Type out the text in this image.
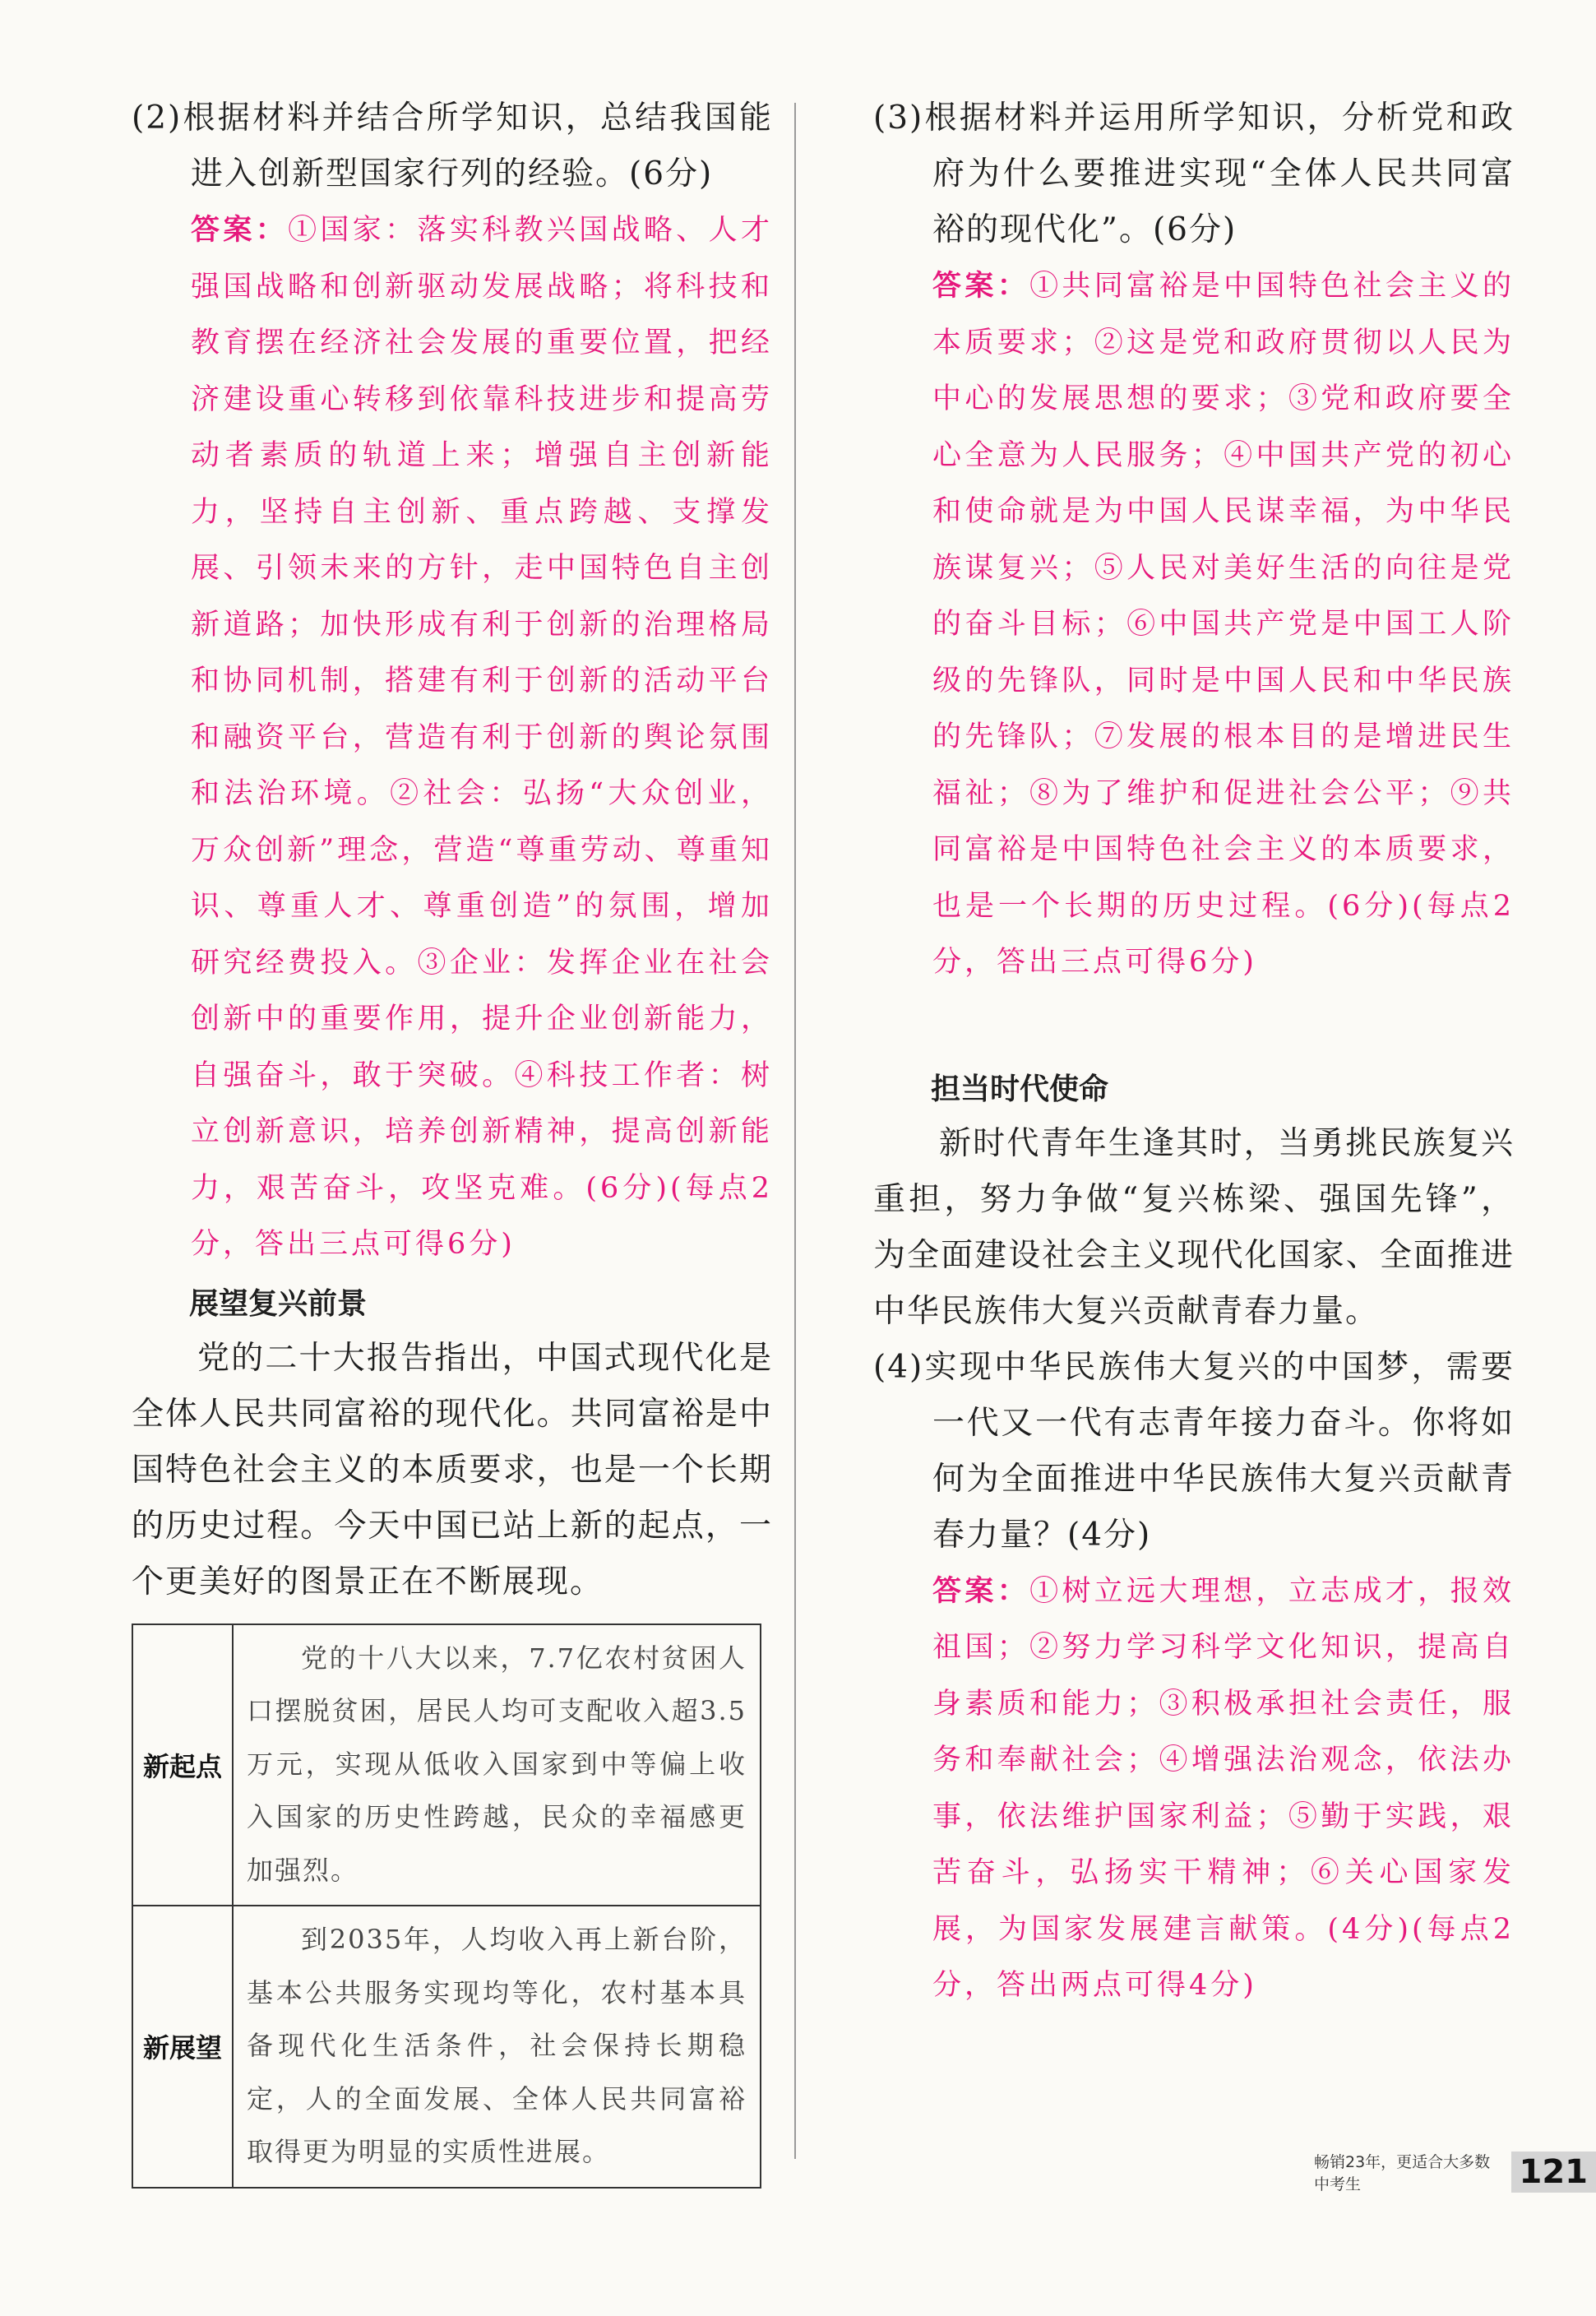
(2)根据材料并结合所学知识，总结我国能进入创新型国家行列的经验。(6分)
答案：①国家：落实科教兴国战略、人才强国战略和创新驱动发展战略；将科技和教育摆在经济社会发展的重要位置，把经济建设重心转移到依靠科技进步和提高劳动者素质的轨道上来；增强自主创新能力，坚持自主创新、重点跨越、支撑发展、引领未来的方针，走中国特色自主创新道路；加快形成有利于创新的治理格局和协同机制，搭建有利于创新的活动平台和融资平台，营造有利于创新的舆论氛围和法治环境。②社会：弘扬“大众创业，万众创新”理念，营造“尊重劳动、尊重知识、尊重人才、尊重创造”的氛围，增加研究经费投入。③企业：发挥企业在社会创新中的重要作用，提升企业创新能力，自强奋斗，敢于突破。④科技工作者：树立创新意识，培养创新精神，提高创新能力，艰苦奋斗，攻坚克难。(6分)(每点2分，答出三点可得6分)
展望复兴前景
党的二十大报告指出，中国式现代化是全体人民共同富裕的现代化。共同富裕是中国特色社会主义的本质要求，也是一个长期的历史过程。今天中国已站上新的起点，一个更美好的图景正在不断展现。
新起点	党的十八大以来，7.7亿农村贫困人口摆脱贫困，居民人均可支配收入超3.5万元，实现从低收入国家到中等偏上收入国家的历史性跨越，民众的幸福感更加强烈。
新展望	到2035年，人均收入再上新台阶，基本公共服务实现均等化，农村基本具备现代化生活条件，社会保持长期稳定，人的全面发展、全体人民共同富裕取得更为明显的实质性进展。
(3)根据材料并运用所学知识，分析党和政府为什么要推进实现“全体人民共同富裕的现代化”。(6分)
答案：①共同富裕是中国特色社会主义的本质要求；②这是党和政府贯彻以人民为中心的发展思想的要求；③党和政府要全心全意为人民服务；④中国共产党的初心和使命就是为中国人民谋幸福，为中华民族谋复兴；⑤人民对美好生活的向往是党的奋斗目标；⑥中国共产党是中国工人阶级的先锋队，同时是中国人民和中华民族的先锋队；⑦发展的根本目的是增进民生福祉；⑧为了维护和促进社会公平；⑨共同富裕是中国特色社会主义的本质要求，也是一个长期的历史过程。(6分)(每点2分，答出三点可得6分)
担当时代使命
新时代青年生逢其时，当勇挑民族复兴重担，努力争做“复兴栋梁、强国先锋”，为全面建设社会主义现代化国家、全面推进中华民族伟大复兴贡献青春力量。
(4)实现中华民族伟大复兴的中国梦，需要一代又一代有志青年接力奋斗。你将如何为全面推进中华民族伟大复兴贡献青春力量？(4分)
答案：①树立远大理想，立志成才，报效祖国；②努力学习科学文化知识，提高自身素质和能力；③积极承担社会责任，服务和奉献社会；④增强法治观念，依法办事，依法维护国家利益；⑤勤于实践，艰苦奋斗，弘扬实干精神；⑥关心国家发展，为国家发展建言献策。(4分)(每点2分，答出两点可得4分)
畅销23年，更适合大多数中考生	121
